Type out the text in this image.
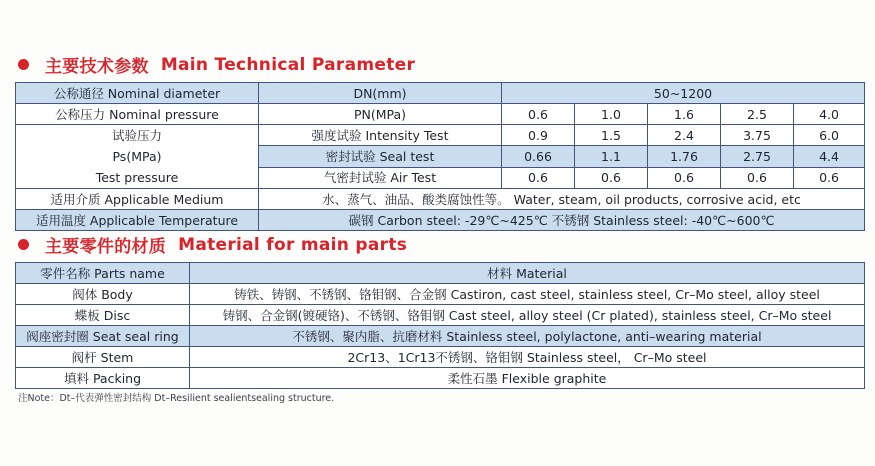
主要技术参数 Main Technical Parameter
公称通径 Nominal diameter	DN(mm)	50~1200				
公称压力 Nominal pressure	PN(MPa)	0.6	1.0	1.6	2.5	4.0

试验压力
Ps(MPa)
Test pressure	强度试验 Intensity Test	0.9	1.5	2.4	3.75	6.0
	密封试验 Seal test	0.66	1.1	1.76	2.75	4.4
	气密封试验 Air Test	0.6	0.6	0.6	0.6	0.6
适用介质 Applicable Medium	水、蒸气、油品、酸类腐蚀性等。 Water, steam, oil products, corrosive acid, etc					
适用温度 Applicable Temperature	碳钢 Carbon steel: -29℃~425℃ 不锈钢 Stainless steel: -40℃~600℃					
主要零件的材质 Material for main parts
零件名称 Parts name	材料 Material
阀体 Body	铸铁、铸钢、不锈钢、铬钼钢、合金钢 Castiron, cast steel, stainless steel, Cr–Mo steel, alloy steel
蝶板 Disc	铸钢、合金钢(镀硬铬)、不锈钢、铬钼钢 Cast steel, alloy steel (Cr plated), stainless steel, Cr–Mo steel
阀座密封圈 Seat seal ring	不锈钢、聚内脂、抗磨材料 Stainless steel, polylactone, anti–wearing material
阀杆 Stem	2Cr13、1Cr13不锈钢、铬钼钢 Stainless steel， Cr–Mo steel
填料 Packing	柔性石墨 Flexible graphite
注Note：Dt–代表弹性密封结构 Dt–Resilient sealientsealing structure.
